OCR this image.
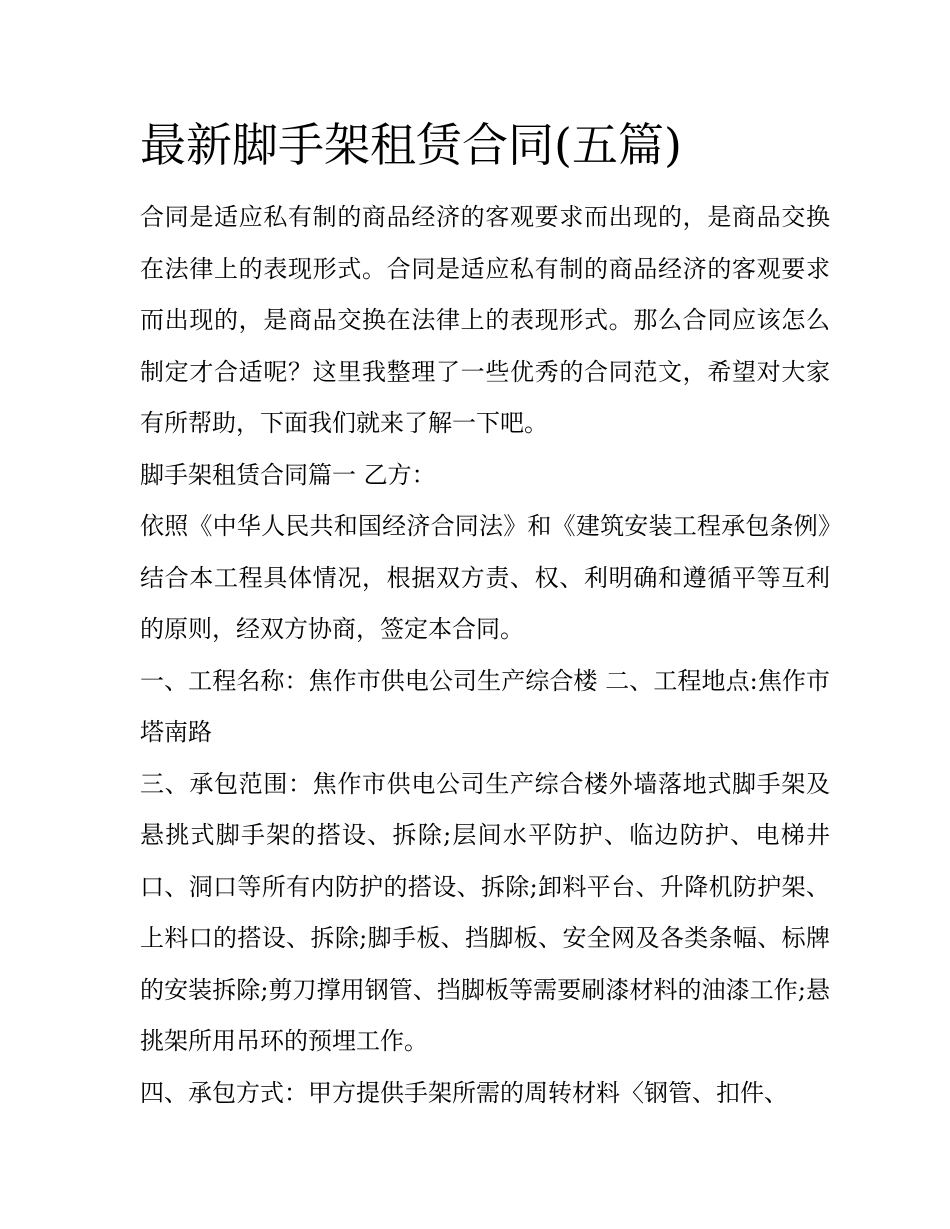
最新脚手架租赁合同(五篇)

合同是适应私有制的商品经济的客观要求而出现的，是商品交换在法律上的表现形式。合同是适应私有制的商品经济的客观要求而出现的，是商品交换在法律上的表现形式。那么合同应该怎么制定才合适呢？这里我整理了一些优秀的合同范文，希望对大家有所帮助，下面我们就来了解一下吧。

脚手架租赁合同篇一 乙方：

依照《中华人民共和国经济合同法》和《建筑安装工程承包条例》结合本工程具体情况，根据双方责、权、利明确和遵循平等互利的原则，经双方协商，签定本合同。

一、工程名称：焦作市供电公司生产综合楼 二、工程地点:焦作市塔南路

三、承包范围：焦作市供电公司生产综合楼外墙落地式脚手架及悬挑式脚手架的搭设、拆除;层间水平防护、临边防护、电梯井口、洞口等所有内防护的搭设、拆除;卸料平台、升降机防护架、上料口的搭设、拆除;脚手板、挡脚板、安全网及各类条幅、标牌的安装拆除;剪刀撑用钢管、挡脚板等需要刷漆材料的油漆工作;悬挑架所用吊环的预埋工作。

四、承包方式：甲方提供手架所需的周转材料〈钢管、扣件、
